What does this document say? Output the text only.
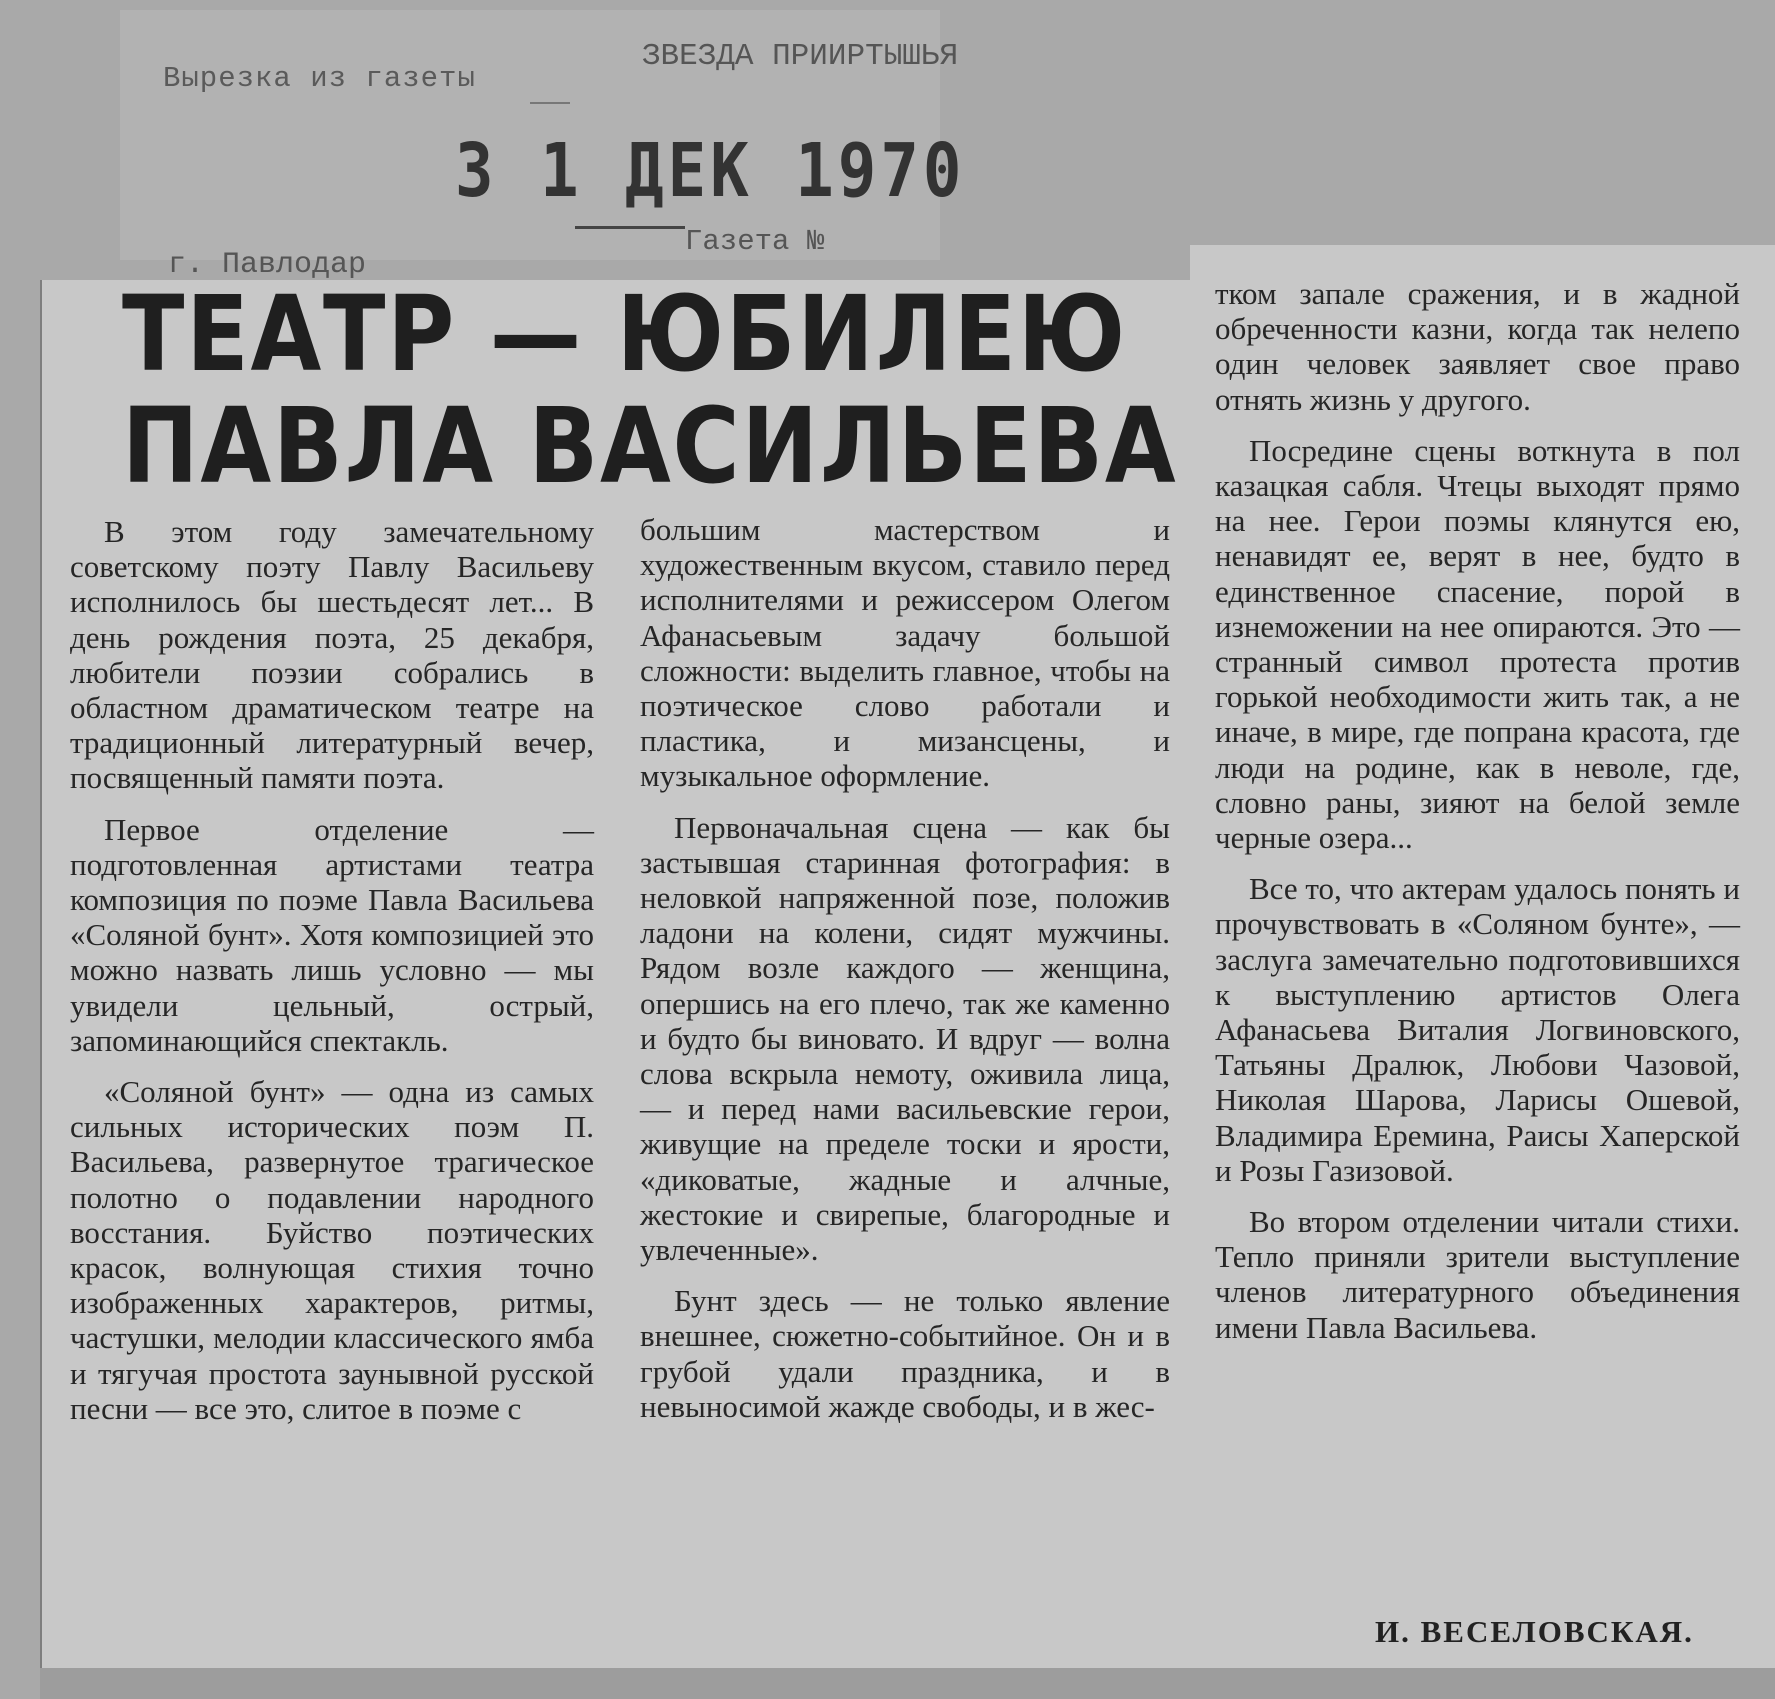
Вырезка из газеты
ЗВЕЗДА ПРИИРТЫШЬЯ
3 1 ДЕК 1970
Газета №
г. Павлодар
ТЕАТР — ЮБИЛЕЮ
ПАВЛА ВАСИЛЬЕВА

В этом году замечательному советскому поэту Павлу Васильеву исполнилось бы шестьдесят лет... В день рождения поэта, 25 декабря, любители поэзии собрались в областном драматическом театре на традиционный литературный вечер, посвященный памяти поэта.

Первое отделение — подготовленная артистами театра композиция по поэме Павла Васильева «Соляной бунт». Хотя композицией это можно назвать лишь условно — мы увидели цельный, острый, запоминающийся спектакль.

«Соляной бунт» — одна из самых сильных исторических поэм П. Васильева, развернутое трагическое полотно о подавлении народного восстания. Буйство поэтических красок, волнующая стихия точно изображенных характеров, ритмы, частушки, мелодии классического ямба и тягучая простота заунывной русской песни — все это, слитое в поэме с

большим мастерством и художественным вкусом, ставило перед исполнителями и режиссером Олегом Афанасьевым задачу большой сложности: выделить главное, чтобы на поэтическое слово работали и пластика, и мизансцены, и музыкальное оформление.

Первоначальная сцена — как бы застывшая старинная фотография: в неловкой напряженной позе, положив ладони на колени, сидят мужчины. Рядом возле каждого — женщина, опершись на его плечо, так же каменно и будто бы виновато. И вдруг — волна слова вскрыла немоту, оживила лица, — и перед нами васильевские герои, живущие на пределе тоски и ярости, «диковатые, жадные и алчные, жестокие и свирепые, благородные и увлеченные».

Бунт здесь — не только явление внешнее, сюжетно-событийное. Он и в грубой удали праздника, и в невыносимой жажде свободы, и в жес-

тком запале сражения, и в жадной обреченности казни, когда так нелепо один человек заявляет свое право отнять жизнь у другого.

Посредине сцены воткнута в пол казацкая сабля. Чтецы выходят прямо на нее. Герои поэмы клянутся ею, ненавидят ее, верят в нее, будто в единственное спасение, порой в изнеможении на нее опираются. Это — странный символ протеста против горькой необходимости жить так, а не иначе, в мире, где попрана красота, где люди на родине, как в неволе, где, словно раны, зияют на белой земле черные озера...

Все то, что актерам удалось понять и прочувствовать в «Соляном бунте», — заслуга замечательно подготовившихся к выступлению артистов Олега Афанасьева Виталия Логвиновского, Татьяны Дралюк, Любови Чазовой, Николая Шарова, Ларисы Ошевой, Владимира Еремина, Раисы Хаперской и Розы Газизовой.

Во втором отделении читали стихи. Тепло приняли зрители выступление членов литературного объединения имени Павла Васильева.

И. ВЕСЕЛОВСКАЯ.
